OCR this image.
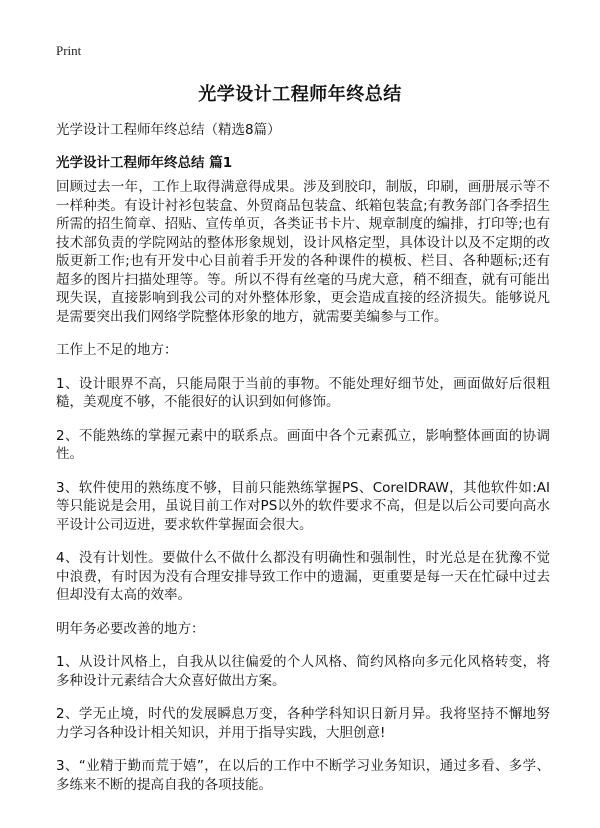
Print
光学设计工程师年终总结
光学设计工程师年终总结（精选8篇）
光学设计工程师年终总结 篇1

回顾过去一年，工作上取得满意得成果。涉及到胶印，制版，印刷，画册展示等不一样种类。有设计衬衫包装盒、外贸商品包装盒、纸箱包装盒;有教务部门各季招生所需的招生简章、招贴、宣传单页，各类证书卡片、规章制度的编排，打印等;也有技术部负责的学院网站的整体形象规划，设计风格定型，具体设计以及不定期的改版更新工作;也有开发中心目前着手开发的各种课件的模板、栏目、各种题标;还有超多的图片扫描处理等。等。所以不得有丝毫的马虎大意，稍不细查，就有可能出现失误，直接影响到我公司的对外整体形象，更会造成直接的经济损失。能够说凡是需要突出我们网络学院整体形象的地方，就需要美编参与工作。

工作上不足的地方：

1、设计眼界不高，只能局限于当前的事物。不能处理好细节处，画面做好后很粗糙，美观度不够，不能很好的认识到如何修饰。

2、不能熟练的掌握元素中的联系点。画面中各个元素孤立，影响整体画面的协调性。

3、软件使用的熟练度不够，目前只能熟练掌握PS、CorelDRAW，其他软件如:AI等只能说是会用，虽说目前工作对PS以外的软件要求不高，但是以后公司要向高水平设计公司迈进，要求软件掌握面会很大。

4、没有计划性。要做什么不做什么都没有明确性和强制性，时光总是在犹豫不觉中浪费，有时因为没有合理安排导致工作中的遗漏，更重要是每一天在忙碌中过去但却没有太高的效率。

明年务必要改善的地方：

1、从设计风格上，自我从以往偏爱的个人风格、简约风格向多元化风格转变，将多种设计元素结合大众喜好做出方案。

2、学无止境，时代的发展瞬息万变，各种学科知识日新月异。我将坚持不懈地努力学习各种设计相关知识，并用于指导实践，大胆创意!

3、“业精于勤而荒于嬉”，在以后的工作中不断学习业务知识，通过多看、多学、多练来不断的提高自我的各项技能。
